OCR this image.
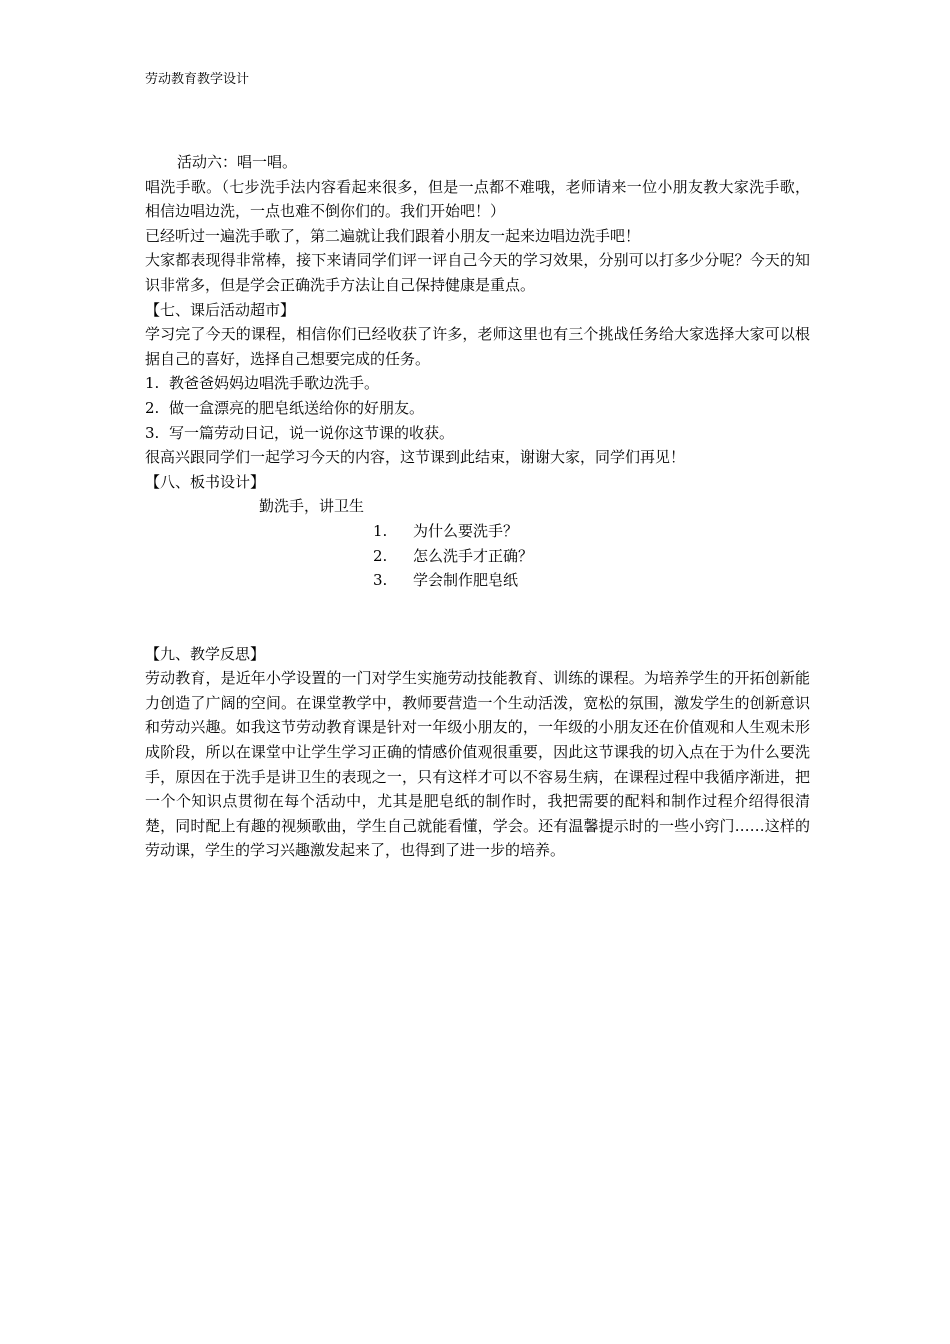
劳动教育教学设计

活动六：唱一唱。

唱洗手歌。（七步洗手法内容看起来很多，但是一点都不难哦，老师请来一位小朋友教大家洗手歌，相信边唱边洗，一点也难不倒你们的。我们开始吧！）

已经听过一遍洗手歌了，第二遍就让我们跟着小朋友一起来边唱边洗手吧！

大家都表现得非常棒，接下来请同学们评一评自己今天的学习效果，分别可以打多少分呢？今天的知识非常多，但是学会正确洗手方法让自己保持健康是重点。

【七、课后活动超市】

学习完了今天的课程，相信你们已经收获了许多，老师这里也有三个挑战任务给大家选择大家可以根据自己的喜好，选择自己想要完成的任务。

1. 教爸爸妈妈边唱洗手歌边洗手。
2. 做一盒漂亮的肥皂纸送给你的好朋友。
3. 写一篇劳动日记，说一说你这节课的收获。

很高兴跟同学们一起学习今天的内容，这节课到此结束，谢谢大家，同学们再见！

【八、板书设计】

勤洗手，讲卫生

1.	为什么要洗手？
2.	怎么洗手才正确？
3.	学会制作肥皂纸

【九、教学反思】

劳动教育，是近年小学设置的一门对学生实施劳动技能教育、训练的课程。为培养学生的开拓创新能力创造了广阔的空间。在课堂教学中，教师要营造一个生动活泼，宽松的氛围，激发学生的创新意识和劳动兴趣。如我这节劳动教育课是针对一年级小朋友的，一年级的小朋友还在价值观和人生观未形成阶段，所以在课堂中让学生学习正确的情感价值观很重要，因此这节课我的切入点在于为什么要洗手，原因在于洗手是讲卫生的表现之一，只有这样才可以不容易生病，在课程过程中我循序渐进，把一个个知识点贯彻在每个活动中，尤其是肥皂纸的制作时，我把需要的配料和制作过程介绍得很清楚，同时配上有趣的视频歌曲，学生自己就能看懂，学会。还有温馨提示时的一些小窍门……这样的劳动课，学生的学习兴趣激发起来了，也得到了进一步的培养。
